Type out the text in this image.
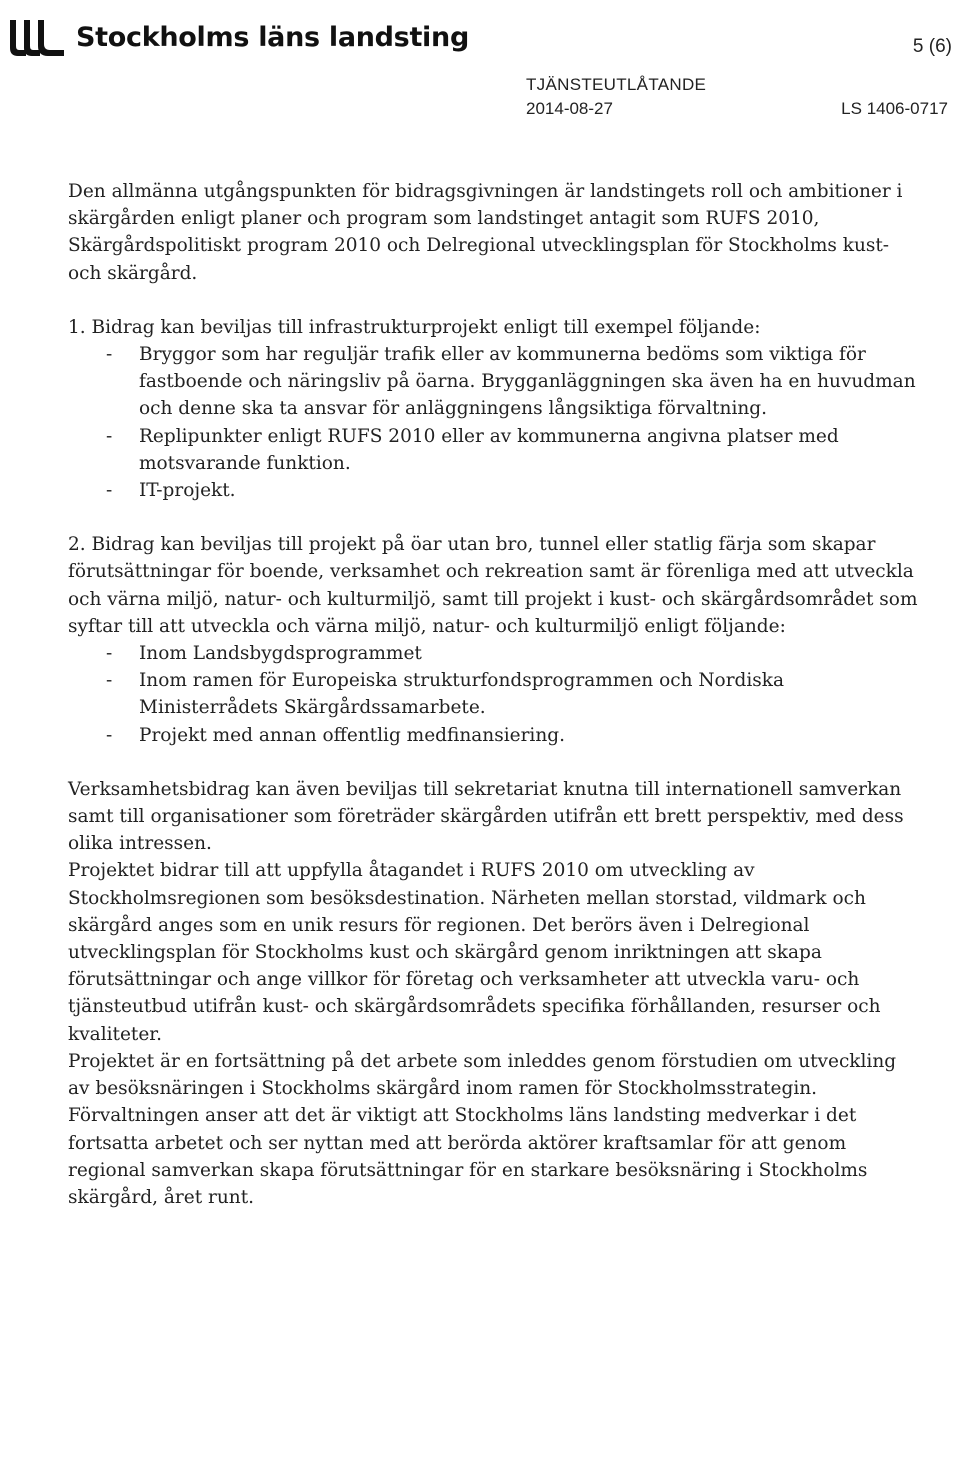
Stockholms läns landsting	5 (6)
TJÄNSTEUTLÅTANDE
2014-08-27	LS 1406-0717

Den allmänna utgångspunkten för bidragsgivningen är landstingets roll och ambitioner i skärgården enligt planer och program som landstinget antagit som RUFS 2010, Skärgårdspolitiskt program 2010 och Delregional utvecklingsplan för Stockholms kust- och skärgård.

1. Bidrag kan beviljas till infrastrukturprojekt enligt till exempel följande:
- Bryggor som har reguljär trafik eller av kommunerna bedöms som viktiga för fastboende och näringsliv på öarna. Brygganläggningen ska även ha en huvudman och denne ska ta ansvar för anläggningens långsiktiga förvaltning.
- Replipunkter enligt RUFS 2010 eller av kommunerna angivna platser med motsvarande funktion.
- IT-projekt.
2. Bidrag kan beviljas till projekt på öar utan bro, tunnel eller statlig färja som skapar förutsättningar för boende, verksamhet och rekreation samt är förenliga med att utveckla och värna miljö, natur- och kulturmiljö, samt till projekt i kust- och skärgårdsområdet som syftar till att utveckla och värna miljö, natur- och kulturmiljö enligt följande:
- Inom Landsbygdsprogrammet
- Inom ramen för Europeiska strukturfondsprogrammen och Nordiska Ministerrådets Skärgårdssamarbete.
- Projekt med annan offentlig medfinansiering.

Verksamhetsbidrag kan även beviljas till sekretariat knutna till internationell samverkan samt till organisationer som företräder skärgården utifrån ett brett perspektiv, med dess olika intressen.

Projektet bidrar till att uppfylla åtagandet i RUFS 2010 om utveckling av Stockholmsregionen som besöksdestination. Närheten mellan storstad, vildmark och skärgård anges som en unik resurs för regionen. Det berörs även i Delregional utvecklingsplan för Stockholms kust och skärgård genom inriktningen att skapa förutsättningar och ange villkor för företag och verksamheter att utveckla varu- och tjänsteutbud utifrån kust- och skärgårdsområdets specifika förhållanden, resurser och kvaliteter.

Projektet är en fortsättning på det arbete som inleddes genom förstudien om utveckling av besöksnäringen i Stockholms skärgård inom ramen för Stockholmsstrategin. Förvaltningen anser att det är viktigt att Stockholms läns landsting medverkar i det fortsatta arbetet och ser nyttan med att berörda aktörer kraftsamlar för att genom regional samverkan skapa förutsättningar för en starkare besöksnäring i Stockholms skärgård, året runt.
